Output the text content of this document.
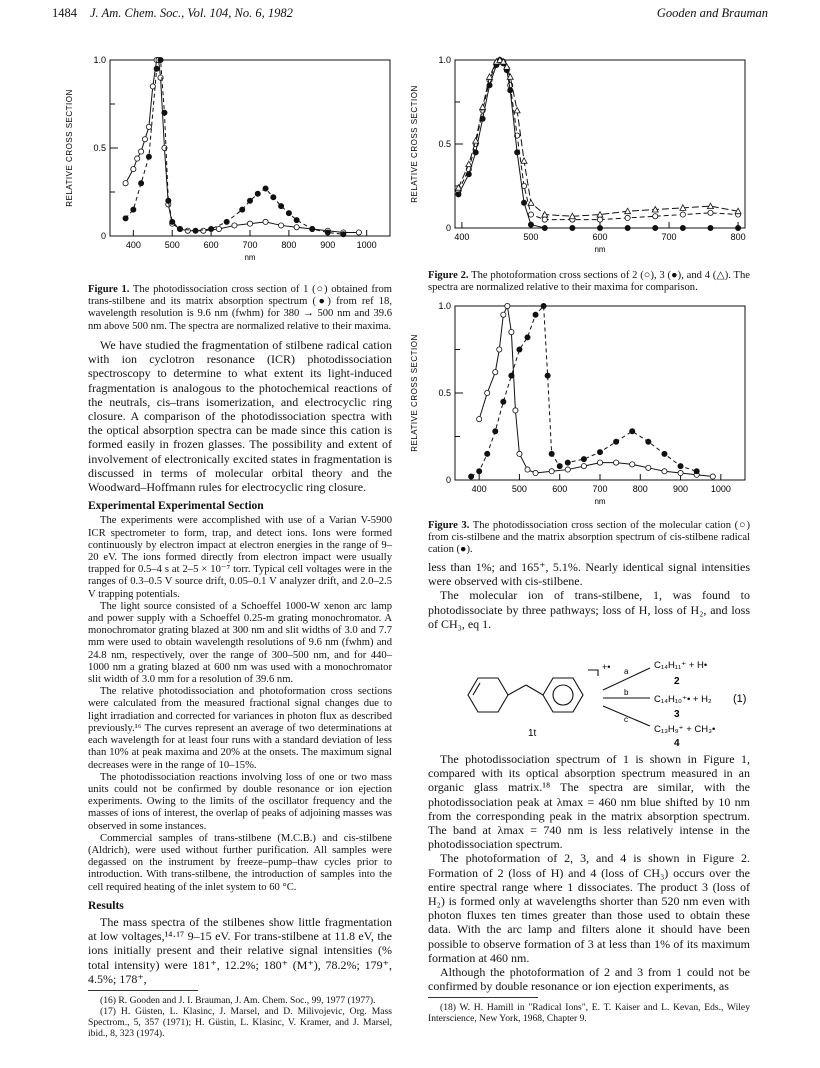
1484 J. Am. Chem. Soc., Vol. 104, No. 6, 1982	Gooden and Brauman
1.0
0.5
0
400	500	600	700	800	900 1000
nm
RELATIVE CROSS SECTION
Figure 1. The photodissociation cross section of 1 (○) obtained from trans-stilbene and its matrix absorption spectrum (●) from ref 18, wavelength resolution is 9.6 nm (fwhm) for 380 → 500 nm and 39.6 nm above 500 nm. The spectra are normalized relative to their maxima.
1.0
0.5
0
400	500	600	700	800
nm
RELATIVE CROSS SECTION
Figure 2. The photoformation cross sections of 2 (○), 3 (●), and 4 (△). The spectra are normalized relative to their maxima for comparison.
1.0
0.5
0
400	500	600	700	800	900	1000
nm
RELATIVE CROSS SECTION
Figure 3. The photodissociation cross section of the molecular cation (○) from cis-stilbene and the matrix absorption spectrum of cis-stilbene radical cation (●).

We have studied the fragmentation of stilbene radical cation with ion cyclotron resonance (ICR) photodissociation spectroscopy to determine to what extent its light-induced fragmentation is analogous to the photochemical reactions of the neutrals, cis–trans isomerization, and electrocyclic ring closure. A comparison of the photodissociation spectra with the optical absorption spectra can be made since this cation is formed easily in frozen glasses. The possibility and extent of involvement of electronically excited states in fragmentation is discussed in terms of molecular orbital theory and the Woodward–Hoffmann rules for electrocyclic ring closure.

Experimental Experimental Section

The experiments were accomplished with use of a Varian V-5900 ICR spectrometer to form, trap, and detect ions. Ions were formed continuously by electron impact at electron energies in the range of 9–20 eV. The ions formed directly from electron impact were usually trapped for 0.5–4 s at 2–5 × 10⁻⁷ torr. Typical cell voltages were in the ranges of 0.3–0.5 V source drift, 0.05–0.1 V analyzer drift, and 2.0–2.5 V trapping potentials.

The light source consisted of a Schoeffel 1000-W xenon arc lamp and power supply with a Schoeffel 0.25-m grating monochromator. A monochromator grating blazed at 300 nm and slit widths of 3.0 and 7.7 mm were used to obtain wavelength resolutions of 9.6 nm (fwhm) and 24.8 nm, respectively, over the range of 300–500 nm, and for 440–1000 nm a grating blazed at 600 nm was used with a monochromator slit width of 3.0 mm for a resolution of 39.6 nm.

The relative photodissociation and photoformation cross sections were calculated from the measured fractional signal changes due to light irradiation and corrected for variances in photon flux as described previously.¹⁶ The curves represent an average of two determinations at each wavelength for at least four runs with a standard deviation of less than 10% at peak maxima and 20% at the onsets. The maximum signal decreases were in the range of 10–15%.

The photodissociation reactions involving loss of one or two mass units could not be confirmed by double resonance or ion ejection experiments. Owing to the limits of the oscillator frequency and the masses of ions of interest, the overlap of peaks of adjoining masses was observed in some instances.

Commercial samples of trans-stilbene (M.C.B.) and cis-stilbene (Aldrich), were used without further purification. All samples were degassed on the instrument by freeze–pump–thaw cycles prior to introduction. With trans-stilbene, the introduction of samples into the cell required heating of the inlet system to 60 °C.

Results

The mass spectra of the stilbenes show little fragmentation at low voltages,¹⁴·¹⁷ 9–15 eV. For trans-stilbene at 11.8 eV, the ions initially present and their relative signal intensities (% total intensity) were 181⁺, 12.2%; 180⁺ (M⁺), 78.2%; 179⁺, 4.5%; 178⁺,

(16) R. Gooden and J. I. Brauman, J. Am. Chem. Soc., 99, 1977 (1977).

(17) H. Güsten, L. Klasinc, J. Marsel, and D. Milivojevic, Org. Mass Spectrom., 5, 357 (1971); H. Güstin, L. Klasinc, V. Kramer, and J. Marsel, ibid., 8, 323 (1974).

less than 1%; and 165⁺, 5.1%. Nearly identical signal intensities were observed with cis-stilbene.

The molecular ion of trans-stilbene, 1, was found to photodissociate by three pathways; loss of H, loss of H₂, and loss of CH₃, eq 1.

+•
1t
a
b
c
C₁₄H₁₁⁺ + H•
2
C₁₄H₁₀⁺• + H₂
3
C₁₃H₉⁺ + CH₃•
4
(1)

The photodissociation spectrum of 1 is shown in Figure 1, compared with its optical absorption spectrum measured in an organic glass matrix.¹⁸ The spectra are similar, with the photodissociation peak at λmax = 460 nm blue shifted by 10 nm from the corresponding peak in the matrix absorption spectrum. The band at λmax = 740 nm is less relatively intense in the photodissociation spectrum.

The photoformation of 2, 3, and 4 is shown in Figure 2. Formation of 2 (loss of H) and 4 (loss of CH₃) occurs over the entire spectral range where 1 dissociates. The product 3 (loss of H₂) is formed only at wavelengths shorter than 520 nm even with photon fluxes ten times greater than those used to obtain these data. With the arc lamp and filters alone it should have been possible to observe formation of 3 at less than 1% of its maximum formation at 460 nm.

Although the photoformation of 2 and 3 from 1 could not be confirmed by double resonance or ion ejection experiments, as

(18) W. H. Hamill in "Radical Ions", E. T. Kaiser and L. Kevan, Eds., Wiley Interscience, New York, 1968, Chapter 9.
